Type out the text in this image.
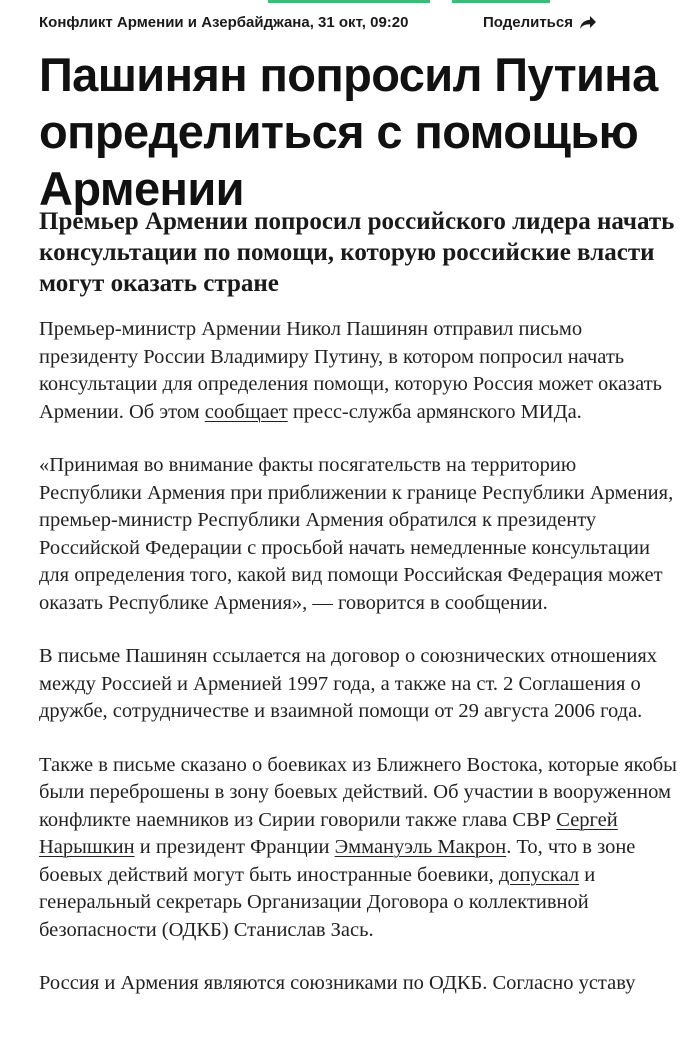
Конфликт Армении и Азербайджана,
31 окт, 09:20	Поделиться
Пашинян попросил Путина определиться с помощью Армении

Премьер Армении попросил российского лидера начать консультации по помощи, которую российские власти могут оказать стране

Премьер-министр Армении Никол Пашинян отправил письмо президенту России Владимиру Путину, в котором попросил начать консультации для определения помощи, которую Россия может оказать Армении. Об этом сообщает пресс-служба армянского МИДа.

«Принимая во внимание факты посягательств на территорию Республики Армения при приближении к границе Республики Армения, премьер-министр Республики Армения обратился к президенту Российской Федерации с просьбой начать немедленные консультации для определения того, какой вид помощи Российская Федерация может оказать Республике Армения», — говорится в сообщении.

В письме Пашинян ссылается на договор о союзнических отношениях между Россией и Арменией 1997 года, а также на ст. 2 Соглашения о дружбе, сотрудничестве и взаимной помощи от 29 августа 2006 года.

Также в письме сказано о боевиках из Ближнего Востока, которые якобы были переброшены в зону боевых действий. Об участии в вооруженном конфликте наемников из Сирии говорили также глава СВР Сергей Нарышкин и президент Франции Эммануэль Макрон. То, что в зоне боевых действий могут быть иностранные боевики, допускал и генеральный секретарь Организации Договора о коллективной безопасности (ОДКБ) Станислав Зась.

Россия и Армения являются союзниками по ОДКБ. Согласно уставу
